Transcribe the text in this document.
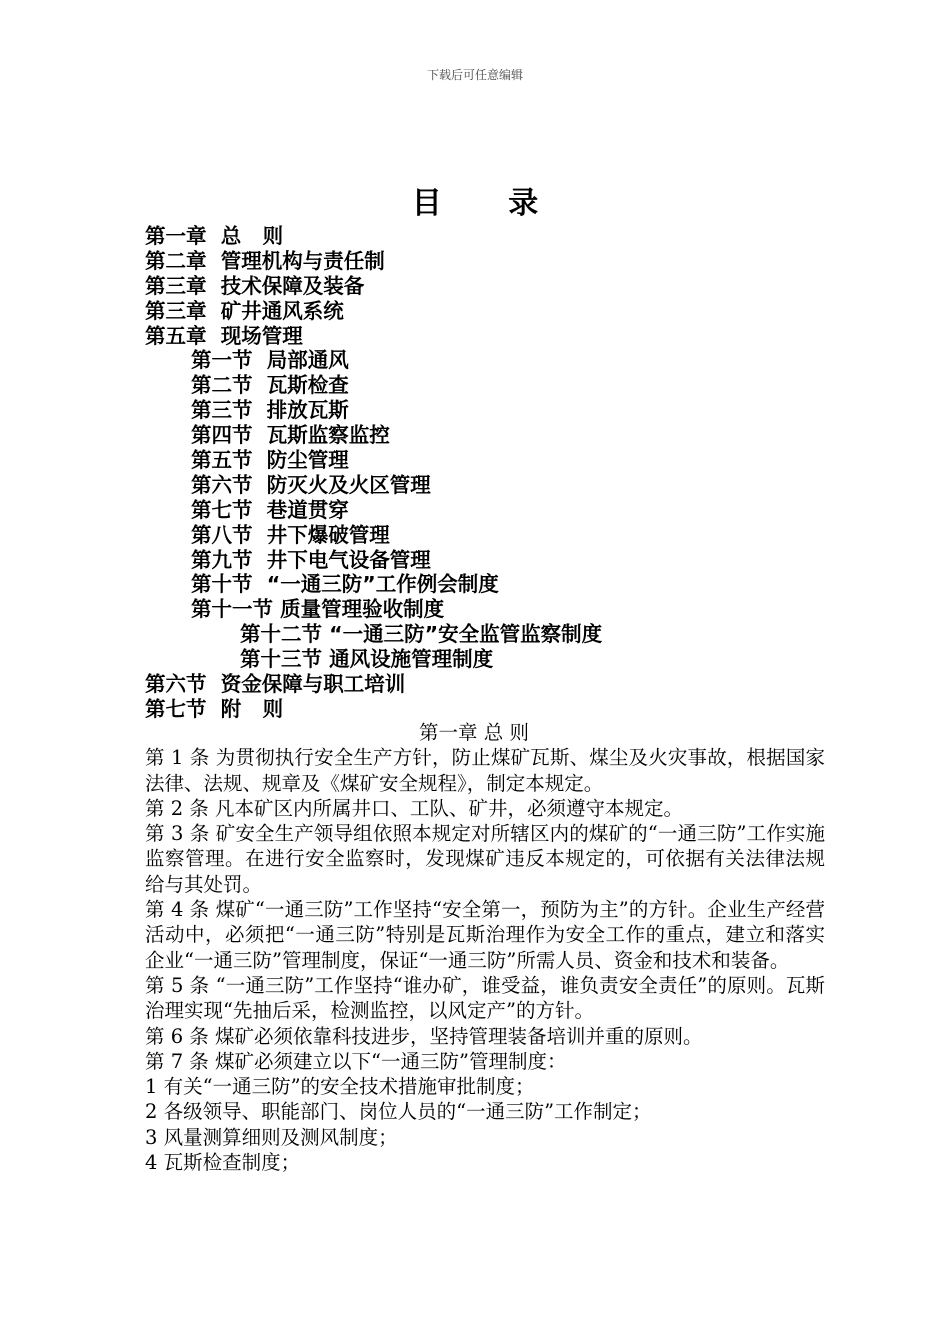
下载后可任意编辑
目 录
第一章  总   则
第二章  管理机构与责任制
第三章  技术保障及装备
第三章  矿井通风系统
第五章  现场管理
第一节  局部通风
第二节  瓦斯检查
第三节  排放瓦斯
第四节  瓦斯监察监控
第五节  防尘管理
第六节  防灭火及火区管理
第七节  巷道贯穿
第八节  井下爆破管理
第九节  井下电气设备管理
第十节  “一通三防”工作例会制度
第十一节 质量管理验收制度
第十二节 “一通三防”安全监管监察制度
第十三节 通风设施管理制度
第六节  资金保障与职工培训
第七节  附   则
第一章 总 则

第 1 条 为贯彻执行安全生产方针，防止煤矿瓦斯、煤尘及火灾事故，根据国家法律、法规、规章及《煤矿安全规程》，制定本规定。

第 2 条 凡本矿区内所属井口、工队、矿井，必须遵守本规定。

第 3 条 矿安全生产领导组依照本规定对所辖区内的煤矿的“一通三防”工作实施监察管理。在进行安全监察时，发现煤矿违反本规定的，可依据有关法律法规给与其处罚。

第 4 条 煤矿“一通三防”工作坚持“安全第一，预防为主”的方针。企业生产经营活动中，必须把“一通三防”特别是瓦斯治理作为安全工作的重点，建立和落实企业“一通三防”管理制度，保证“一通三防”所需人员、资金和技术和装备。

第 5 条 “一通三防”工作坚持“谁办矿，谁受益，谁负责安全责任”的原则。瓦斯治理实现“先抽后采，检测监控，以风定产”的方针。

第 6 条 煤矿必须依靠科技进步，坚持管理装备培训并重的原则。

第 7 条 煤矿必须建立以下“一通三防”管理制度：

1 有关“一通三防”的安全技术措施审批制度；

2 各级领导、职能部门、岗位人员的“一通三防”工作制定；

3 风量测算细则及测风制度；

4 瓦斯检查制度；
